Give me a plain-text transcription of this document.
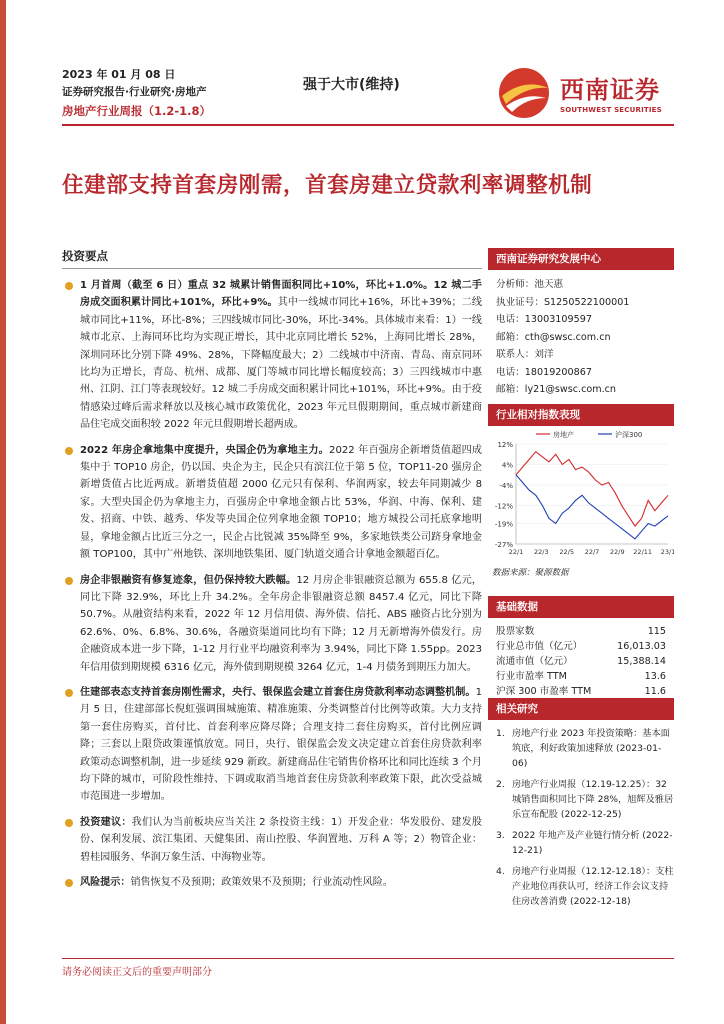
2023 年 01 月 08 日
证券研究报告·行业研究·房地产
房地产行业周报（1.2-1.8）
强于大市(维持)	西南证券
SOUTHWEST SECURITIES
住建部支持首套房刚需，首套房建立贷款利率调整机制
投资要点
1 月首周（截至 6 日）重点 32 城累计销售面积同比+10%，环比+1.0%。12 城二手房成交面积累计同比+101%，环比+9%。其中一线城市同比+16%，环比+39%；二线城市同比+11%，环比-8%；三四线城市同比-30%，环比-34%。具体城市来看：1）一线城市北京、上海同环比均为实现正增长，其中北京同比增长 52%，上海同比增长 28%，深圳同环比分别下降 49%、28%，下降幅度最大；2）二线城市中济南、青岛、南京同环比均为正增长，青岛、杭州、成都、厦门等城市同比增长幅度较高；3）三四线城市中惠州、江阴、江门等表现较好。12 城二手房成交面积累计同比+101%，环比+9%。由于疫情感染过峰后需求释放以及核心城市政策优化，2023 年元旦假期期间，重点城市新建商品住宅成交面积较 2022 年元旦假期增长超两成。
2022 年房企拿地集中度提升，央国企仍为拿地主力。2022 年百强房企新增货值超四成集中于 TOP10 房企，仍以国、央企为主，民企只有滨江位于第 5 位，TOP11-20 强房企新增货值占比近两成。新增货值超 2000 亿元只有保利、华润两家，较去年同期减少 8 家。大型央国企仍为拿地主力，百强房企中拿地金额占比 53%，华润、中海、保利、建发、招商、中铁、越秀、华发等央国企位列拿地金额 TOP10；地方城投公司托底拿地明显，拿地金额占比近三分之一，民企占比锐减 35%降至 9%，多家地铁类公司跻身拿地金额 TOP100，其中广州地铁、深圳地铁集团、厦门轨道交通合计拿地金额超百亿。
房企非银融资有修复迹象，但仍保持较大跌幅。12 月房企非银融资总额为 655.8 亿元，同比下降 32.9%，环比上升 34.2%。全年房企非银融资总额 8457.4 亿元，同比下降 50.7%。从融资结构来看，2022 年 12 月信用债、海外债、信托、ABS 融资占比分别为 62.6%、0%、6.8%、30.6%，各融资渠道同比均有下降；12 月无新增海外债发行。房企融资成本进一步下降，1-12 月行业平均融资利率为 3.94%，同比下降 1.55pp。2023 年信用债到期规模 6316 亿元，海外债到期规模 3264 亿元，1-4 月债务到期压力加大。
住建部表态支持首套房刚性需求，央行、银保监会建立首套住房贷款利率动态调整机制。1 月 5 日，住建部部长倪虹强调围城施策、精准施策、分类调整首付比例等政策。大力支持第一套住房购买，首付比、首套利率应降尽降；合理支持二套住房购买，首付比例应调降；三套以上限贷政策谨慎放宽。同日，央行、银保监会发文决定建立首套住房贷款利率政策动态调整机制，进一步延续 929 新政。新建商品住宅销售价格环比和同比连续 3 个月均下降的城市，可阶段性维持、下调或取消当地首套住房贷款利率政策下限，此次受益城市范围进一步增加。
投资建议：我们认为当前板块应当关注 2 条投资主线：1）开发企业：华发股份、建发股份、保利发展、滨江集团、天健集团、南山控股、华润置地、万科 A 等；2）物管企业：碧桂园服务、华润万象生活、中海物业等。
风险提示：销售恢复不及预期；政策效果不及预期；行业流动性风险。
西南证券研究发展中心
分析师：池天惠
执业证号：S1250522100001
电话：13003109597
邮箱：cth@swsc.com.cn
联系人：刘洋
电话：18019200867
邮箱：ly21@swsc.com.cn
行业相对指数表现
12%
4%
-4%
-12%
-19%
-27%
22/1 22/3 22/5 22/7 22/9 22/11 23/1
房地产	沪深300
数据来源：聚源数据
基础数据
股票家数	115
行业总市值（亿元）	16,013.03
流通市值（亿元）	15,388.14
行业市盈率 TTM	13.6
沪深 300 市盈率 TTM	11.6
相关研究
1. 房地产行业 2023 年投资策略：基本面筑底，利好政策加速释放 (2023-01-06)
2. 房地产行业周报（12.19-12.25）：32 城销售面积同比下降 28%，旭辉及雅居乐宣布配股 (2022-12-25)
3. 2022 年地产及产业链行情分析 (2022-12-21)
4. 房地产行业周报（12.12-12.18）：支柱产业地位再获认可，经济工作会议支持住房改善消费 (2022-12-18)
请务必阅读正文后的重要声明部分
